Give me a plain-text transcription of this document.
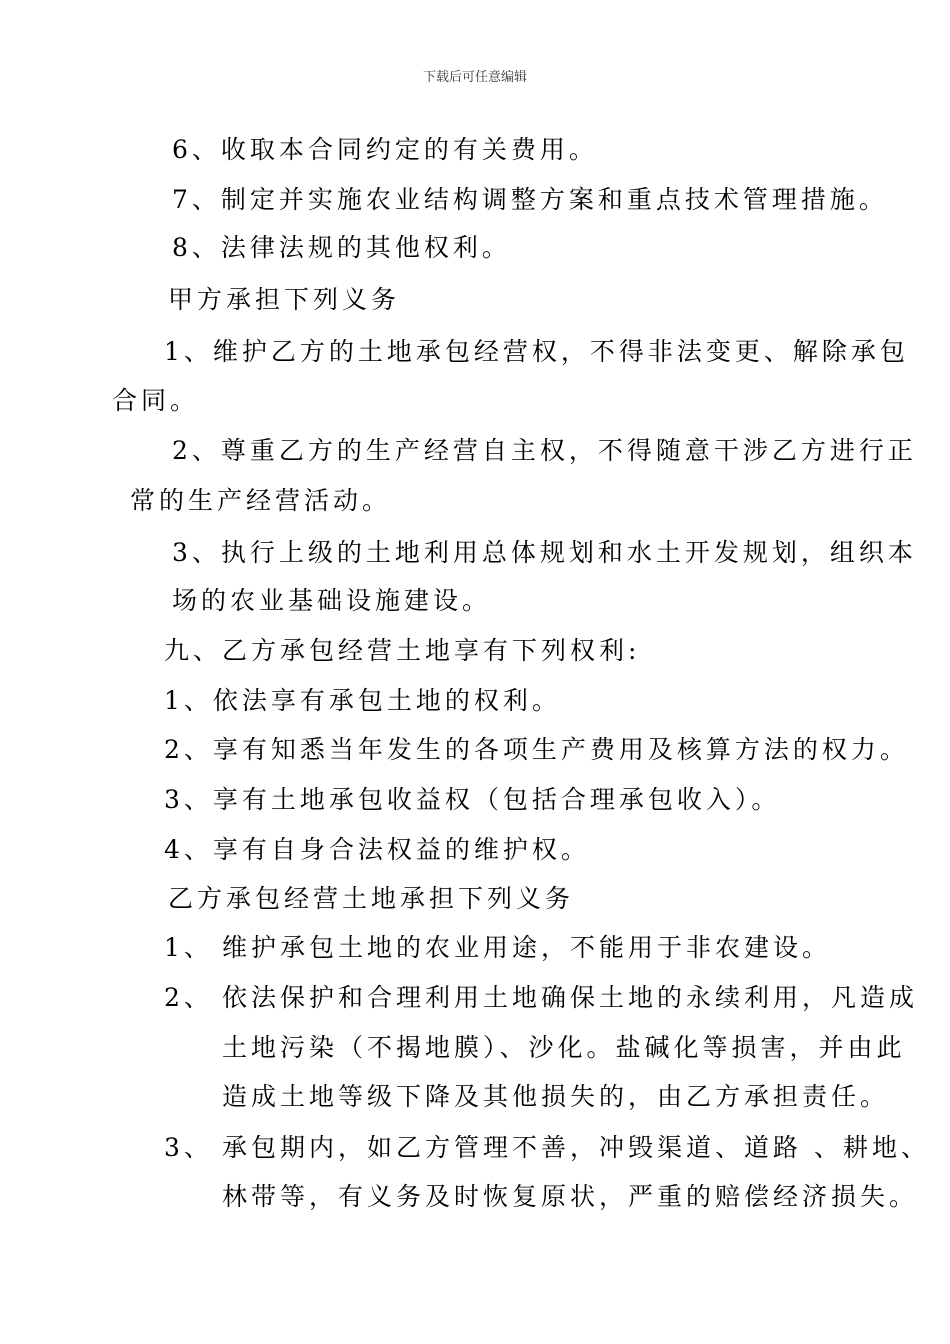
下载后可任意编辑
6、收取本合同约定的有关费用。
7、制定并实施农业结构调整方案和重点技术管理措施。
8、法律法规的其他权利。
甲方承担下列义务
1、维护乙方的土地承包经营权，不得非法变更、解除承包
合同。
2、尊重乙方的生产经营自主权，不得随意干涉乙方进行正
常的生产经营活动。
3、执行上级的土地利用总体规划和水土开发规划，组织本
场的农业基础设施建设。
九、乙方承包经营土地享有下列权利:
1、依法享有承包土地的权利。
2、享有知悉当年发生的各项生产费用及核算方法的权力。
3、享有土地承包收益权（包括合理承包收入）。
4、享有自身合法权益的维护权。
乙方承包经营土地承担下列义务
1、 维护承包土地的农业用途，不能用于非农建设。
2、 依法保护和合理利用土地确保土地的永续利用，凡造成
土地污染（不揭地膜）、沙化。盐碱化等损害，并由此
造成土地等级下降及其他损失的，由乙方承担责任。
3、 承包期内，如乙方管理不善，冲毁渠道、道路 、耕地、
林带等，有义务及时恢复原状，严重的赔偿经济损失。
